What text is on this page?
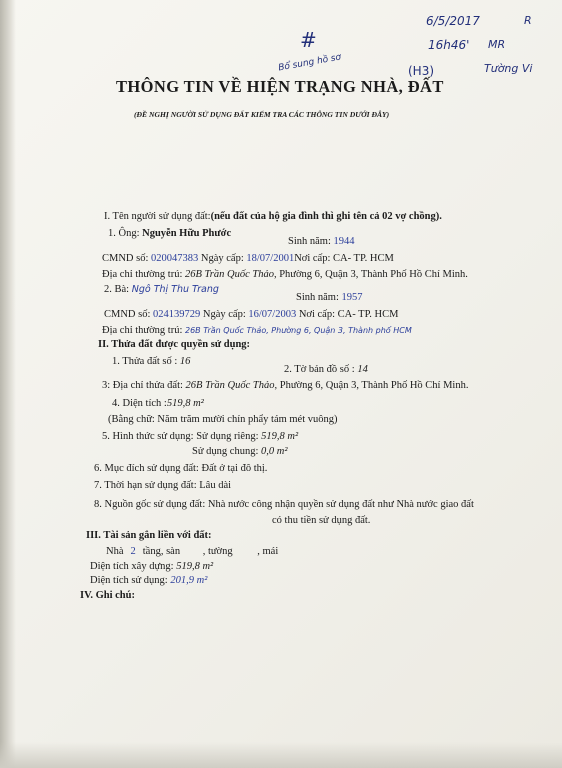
6/5/2017	R
16h46' MR
Tường Vi
#
Bổ sung hồ sơ	(H3)
THÔNG TIN VỀ HIỆN TRẠNG NHÀ, ĐẤT
(ĐỀ NGHỊ NGƯỜI SỬ DỤNG ĐẤT KIỂM TRA CÁC THÔNG TIN DƯỚI ĐÂY)
I. Tên người sử dụng đất:(nếu đất của hộ gia đình thì ghi tên cả 02 vợ chồng).
1. Ông: Nguyễn Hữu Phước
Sinh năm: 1944
CMND số: 020047383 Ngày cấp: 18/07/2001Nơi cấp: CA- TP. HCM
Địa chỉ thường trú: 26B Trần Quốc Thảo, Phường 6, Quận 3, Thành Phố Hồ Chí Minh.
2. Bà: Ngô Thị Thu Trang
Sinh năm: 1957
CMND số: 024139729 Ngày cấp: 16/07/2003 Nơi cấp: CA- TP. HCM
Địa chỉ thường trú: 26B Trần Quốc Thảo, Phường 6, Quận 3, Thành phố HCM
II. Thửa đất được quyền sử dụng:
1. Thửa đất số : 16
2. Tờ bản đồ số : 14
3: Địa chỉ thửa đất: 26B Trần Quốc Thảo, Phường 6, Quận 3, Thành Phố Hồ Chí Minh.
4. Diện tích :519,8 m²
(Bằng chữ: Năm trăm mười chín phẩy tám mét vuông)
5. Hình thức sử dụng: Sử dụng riêng: 519,8 m²
Sử dụng chung: 0,0 m²
6. Mục đích sử dụng đất: Đất ở tại đô thị.
7. Thời hạn sử dụng đất: Lâu dài
8. Nguồn gốc sử dụng đất: Nhà nước công nhận quyền sử dụng đất như Nhà nước giao đất
có thu tiền sử dụng đất.
III. Tài sản gắn liền với đất:
Nhà 2 tầng, sàn , tường , mái
Diện tích xây dựng: 519,8 m²
Diện tích sử dụng: 201,9 m²
IV. Ghi chú:
